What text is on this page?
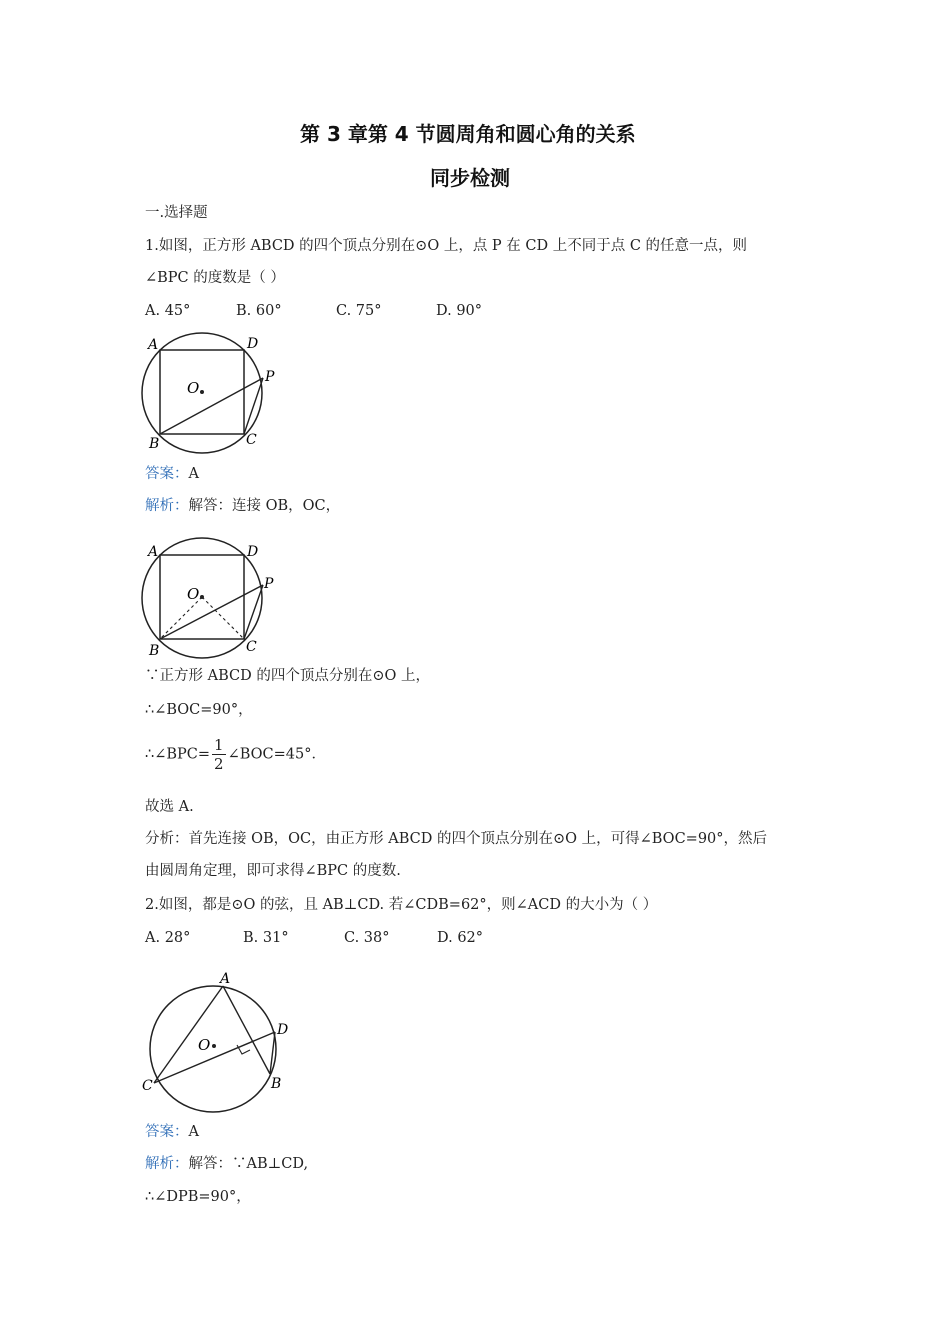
第 3 章第 4 节圆周角和圆心角的关系
同步检测
一.选择题
1.如图，正方形 ABCD 的四个顶点分别在⊙O 上，点 P 在 CD 上不同于点 C 的任意一点，则
∠BPC 的度数是（ ）
A. 45°	B. 60°	C. 75°	D. 90°
A	D
O
P
B	C
答案：A
解析：解答：连接 OB，OC，
A	D
O
P
B	C
∵正方形 ABCD 的四个顶点分别在⊙O 上，
∴∠BOC=90°，
∴∠BPC= $\frac{1}{2}$ ∠BOC=45°．
故选 A.
分析：首先连接 OB，OC，由正方形 ABCD 的四个顶点分别在⊙O 上，可得∠BOC=90°，然后
由圆周角定理，即可求得∠BPC 的度数.
2.如图，都是⊙O 的弦，且 AB⊥CD. 若∠CDB=62°，则∠ACD 的大小为（ ）
A. 28°	B. 31°	C. 38°	D. 62°
A
D
O
B
C
答案：A
解析：解答：∵AB⊥CD,
∴∠DPB=90°，
